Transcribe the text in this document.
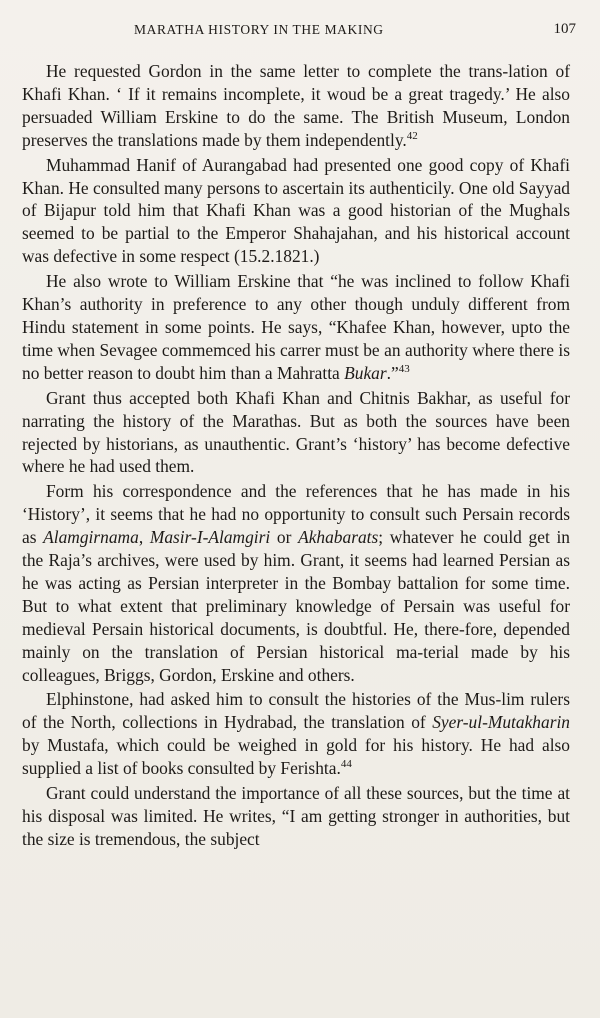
MARATHA HISTORY IN THE MAKING	107

He requested Gordon in the same letter to complete the trans-lation of Khafi Khan. ‘ If it remains incomplete, it woud be a great tragedy.’ He also persuaded William Erskine to do the same. The British Museum, London preserves the translations made by them independently.$^{42}$

Muhammad Hanif of Aurangabad had presented one good copy of Khafi Khan. He consulted many persons to ascertain its authenticily. One old Sayyad of Bijapur told him that Khafi Khan was a good historian of the Mughals seemed to be partial to the Emperor Shahajahan, and his historical account was defective in some respect (15.2.1821.)

He also wrote to William Erskine that “he was inclined to follow Khafi Khan’s authority in preference to any other though unduly different from Hindu statement in some points. He says, “Khafee Khan, however, upto the time when Sevagee commemced his carrer must be an authority where there is no better reason to doubt him than a Mahratta Bukar.”$^{43}$

Grant thus accepted both Khafi Khan and Chitnis Bakhar, as useful for narrating the history of the Marathas. But as both the sources have been rejected by historians, as unauthentic. Grant’s ‘history’ has become defective where he had used them.

Form his correspondence and the references that he has made in his ‘History’, it seems that he had no opportunity to consult such Persain records as Alamgirnama, Masir-I-Alamgiri or Akhabarats; whatever he could get in the Raja’s archives, were used by him. Grant, it seems had learned Persian as he was acting as Persian interpreter in the Bombay battalion for some time. But to what extent that preliminary knowledge of Persain was useful for medieval Persain historical documents, is doubtful. He, there-fore, depended mainly on the translation of Persian historical ma-terial made by his colleagues, Briggs, Gordon, Erskine and others.

Elphinstone, had asked him to consult the histories of the Mus-lim rulers of the North, collections in Hydrabad, the translation of Syer-ul-Mutakharin by Mustafa, which could be weighed in gold for his history. He had also supplied a list of books consulted by Ferishta.$^{44}$

Grant could understand the importance of all these sources, but the time at his disposal was limited. He writes, “I am getting stronger in authorities, but the size is tremendous, the subject
